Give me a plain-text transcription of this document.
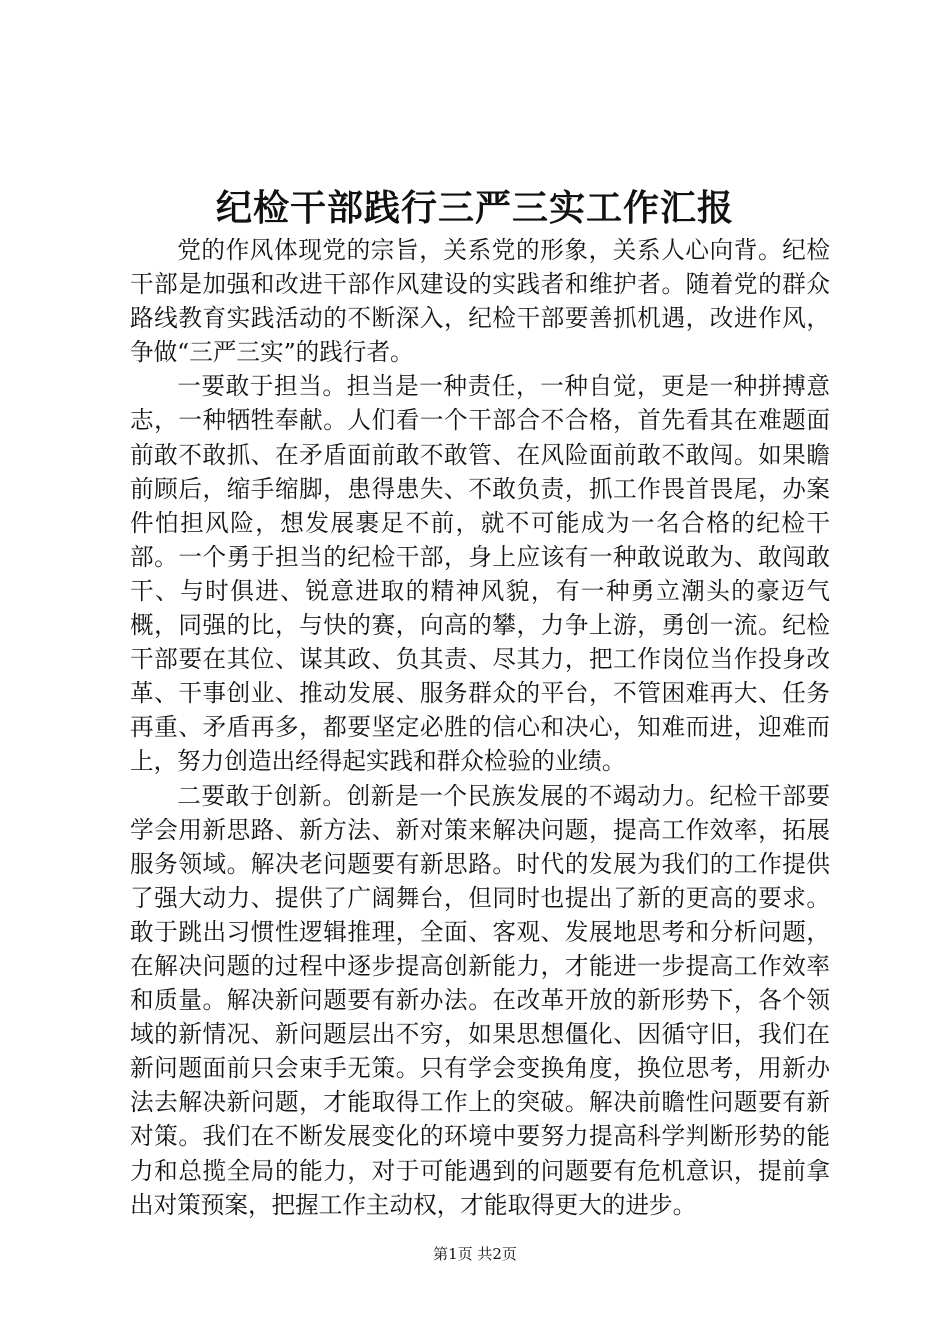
纪检干部践行三严三实工作汇报

党的作风体现党的宗旨，关系党的形象，关系人心向背。纪检干部是加强和改进干部作风建设的实践者和维护者。随着党的群众路线教育实践活动的不断深入，纪检干部要善抓机遇，改进作风，争做“三严三实”的践行者。

一要敢于担当。担当是一种责任，一种自觉，更是一种拼搏意志，一种牺牲奉献。人们看一个干部合不合格，首先看其在难题面前敢不敢抓、在矛盾面前敢不敢管、在风险面前敢不敢闯。如果瞻前顾后，缩手缩脚，患得患失、不敢负责，抓工作畏首畏尾，办案件怕担风险，想发展裹足不前，就不可能成为一名合格的纪检干部。一个勇于担当的纪检干部，身上应该有一种敢说敢为、敢闯敢干、与时俱进、锐意进取的精神风貌，有一种勇立潮头的豪迈气概，同强的比，与快的赛，向高的攀，力争上游，勇创一流。纪检干部要在其位、谋其政、负其责、尽其力，把工作岗位当作投身改革、干事创业、推动发展、服务群众的平台，不管困难再大、任务再重、矛盾再多，都要坚定必胜的信心和决心，知难而进，迎难而上，努力创造出经得起实践和群众检验的业绩。

二要敢于创新。创新是一个民族发展的不竭动力。纪检干部要学会用新思路、新方法、新对策来解决问题，提高工作效率，拓展服务领域。解决老问题要有新思路。时代的发展为我们的工作提供了强大动力、提供了广阔舞台，但同时也提出了新的更高的要求。敢于跳出习惯性逻辑推理，全面、客观、发展地思考和分析问题，在解决问题的过程中逐步提高创新能力，才能进一步提高工作效率和质量。解决新问题要有新办法。在改革开放的新形势下，各个领域的新情况、新问题层出不穷，如果思想僵化、因循守旧，我们在新问题面前只会束手无策。只有学会变换角度，换位思考，用新办法去解决新问题，才能取得工作上的突破。解决前瞻性问题要有新对策。我们在不断发展变化的环境中要努力提高科学判断形势的能力和总揽全局的能力，对于可能遇到的问题要有危机意识，提前拿出对策预案，把握工作主动权，才能取得更大的进步。

第1页 共2页
